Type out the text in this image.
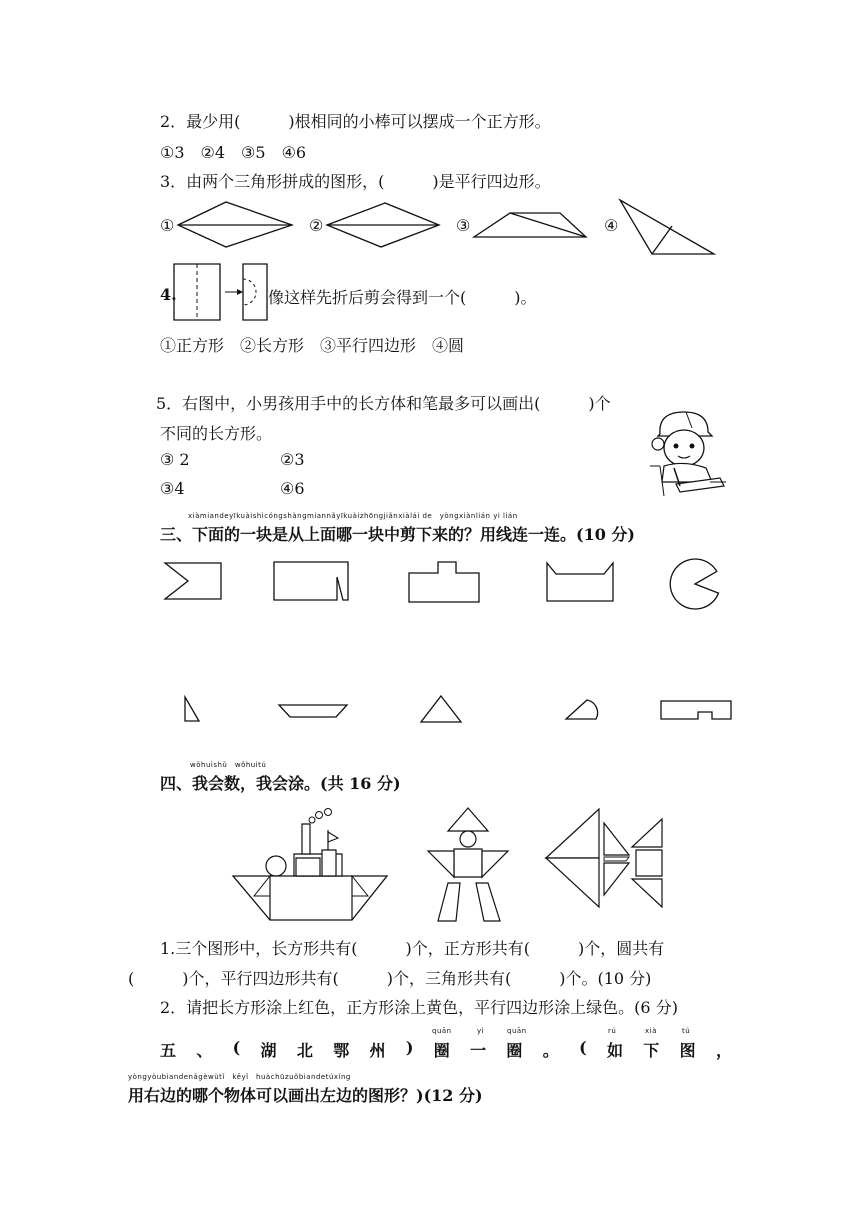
2．最少用(　　　)根相同的小棒可以摆成一个正方形。
①3　②4　③5　④6
3．由两个三角形拼成的图形，(　　　)是平行四边形。
①	②	③	④
4.	像这样先折后剪会得到一个(　　　)。
①正方形　②长方形　③平行四边形　④圆
5．右图中，小男孩用手中的长方体和笔最多可以画出(　　　)个
不同的长方形。
③ 2	②3
③4	④6
xiàmiandeyīkuàishìcóngshàngmiannǎyīkuàizhōngjiǎnxiàlái de　yòngxiànlián yi lián
三、下面的一块是从上面哪一块中剪下来的？用线连一连。(10 分)
wǒhuìshǔ　wǒhuìtú
四、我会数，我会涂。(共 16 分)
1.三个图形中，长方形共有(　　　)个，正方形共有(　　　)个，圆共有
(　　　)个，平行四边形共有(　　　)个，三角形共有(　　　)个。(10 分)
2．请把长方形涂上红色，正方形涂上黄色，平行四边形涂上绿色。(6 分)
quān	yì	quān	rú	xià	tú
五 、 ( 湖 北 鄂 州 ) 圈 一 圈 。 ( 如 下 图 ，
yòngyòubiandenǎgèwùtǐ　kěyǐ　huàchūzuǒbiandetúxíng
用右边的哪个物体可以画出左边的图形？)(12 分)
